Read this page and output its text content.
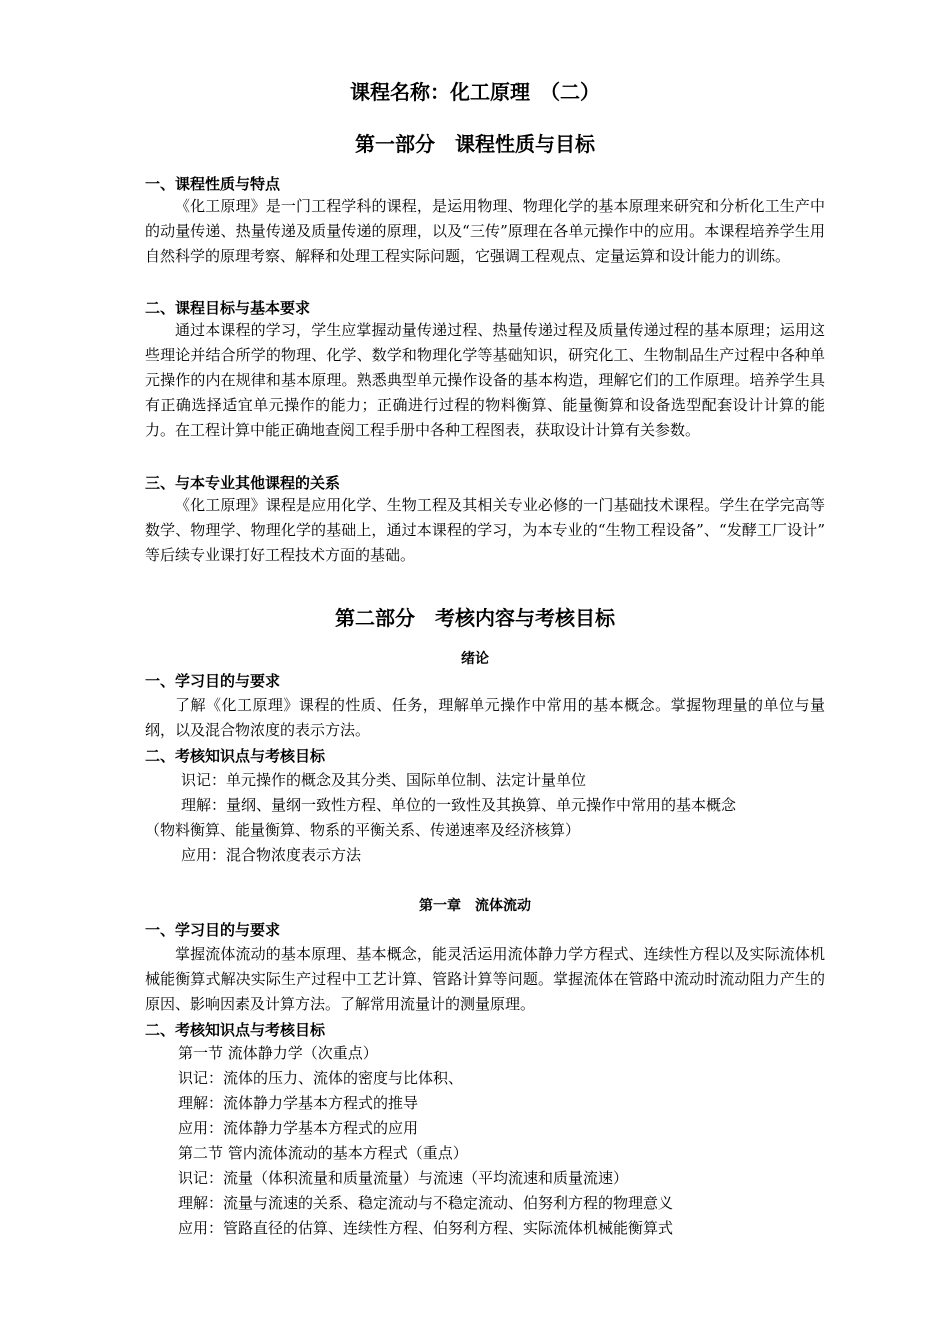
课程名称：化工原理　（二）
第一部分　课程性质与目标
一、课程性质与特点
《化工原理》是一门工程学科的课程，是运用物理、物理化学的基本原理来研究和分析化工生产中的动量传递、热量传递及质量传递的原理，以及“三传”原理在各单元操作中的应用。本课程培养学生用自然科学的原理考察、解释和处理工程实际问题，它强调工程观点、定量运算和设计能力的训练。
二、课程目标与基本要求
通过本课程的学习，学生应掌握动量传递过程、热量传递过程及质量传递过程的基本原理；运用这些理论并结合所学的物理、化学、数学和物理化学等基础知识，研究化工、生物制品生产过程中各种单元操作的内在规律和基本原理。熟悉典型单元操作设备的基本构造，理解它们的工作原理。培养学生具有正确选择适宜单元操作的能力；正确进行过程的物料衡算、能量衡算和设备选型配套设计计算的能力。在工程计算中能正确地查阅工程手册中各种工程图表，获取设计计算有关参数。
三、与本专业其他课程的关系
《化工原理》课程是应用化学、生物工程及其相关专业必修的一门基础技术课程。学生在学完高等数学、物理学、物理化学的基础上，通过本课程的学习，为本专业的“生物工程设备”、“发酵工厂设计”　等后续专业课打好工程技术方面的基础。
第二部分　考核内容与考核目标
绪论
一、学习目的与要求
了解《化工原理》课程的性质、任务，理解单元操作中常用的基本概念。掌握物理量的单位与量纲，以及混合物浓度的表示方法。
二、考核知识点与考核目标
识记：单元操作的概念及其分类、国际单位制、法定计量单位
理解：量纲、量纲一致性方程、单位的一致性及其换算、单元操作中常用的基本概念
（物料衡算、能量衡算、物系的平衡关系、传递速率及经济核算）
应用：混合物浓度表示方法
第一章　流体流动
一、学习目的与要求
掌握流体流动的基本原理、基本概念，能灵活运用流体静力学方程式、连续性方程以及实际流体机械能衡算式解决实际生产过程中工艺计算、管路计算等问题。掌握流体在管路中流动时流动阻力产生的原因、影响因素及计算方法。了解常用流量计的测量原理。
二、考核知识点与考核目标
第一节 流体静力学（次重点）
识记：流体的压力、流体的密度与比体积、
理解：流体静力学基本方程式的推导
应用：流体静力学基本方程式的应用
第二节 管内流体流动的基本方程式（重点）
识记：流量（体积流量和质量流量）与流速（平均流速和质量流速）
理解：流量与流速的关系、稳定流动与不稳定流动、伯努利方程的物理意义
应用：管路直径的估算、连续性方程、伯努利方程、实际流体机械能衡算式
